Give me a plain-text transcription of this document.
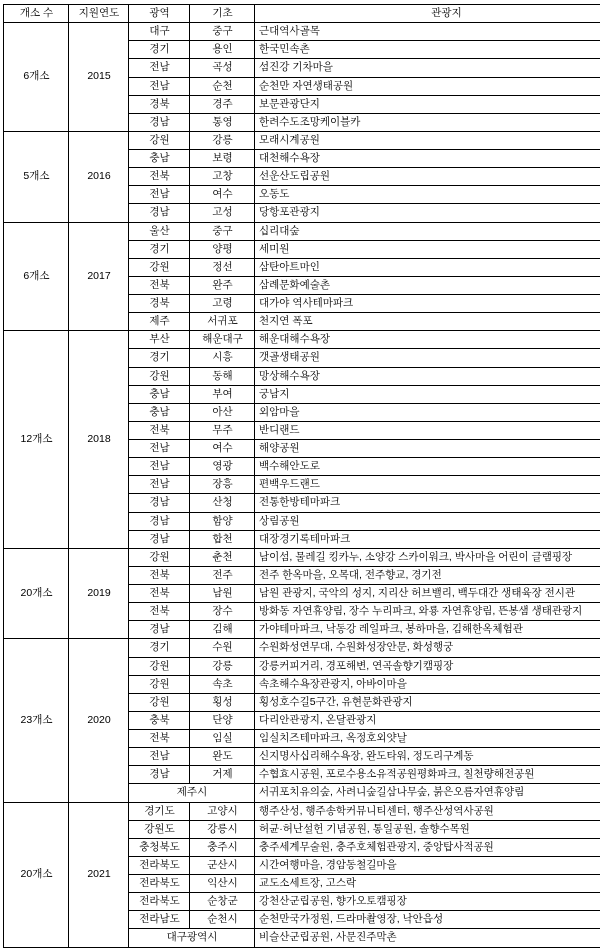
개소 수	지원연도	광역	기초	관광지
6개소	2015	대구	중구	근대역사골목
		경기	용인	한국민속촌
		전남	곡성	섬진강 기차마을
		전남	순천	순천만 자연생태공원
		경북	경주	보문관광단지
		경남	통영	한려수도조망케이블카
5개소	2016	강원	강릉	모래시계공원
		충남	보령	대천해수욕장
		전북	고창	선운산도립공원
		전남	여수	오동도
		경남	고성	당항포관광지
6개소	2017	울산	중구	십리대숲
		경기	양평	세미원
		강원	정선	삼탄아트마인
		전북	완주	삼례문화예술촌
		경북	고령	대가야 역사테마파크
		제주	서귀포	천지연 폭포
12개소	2018	부산	해운대구	해운대해수욕장
		경기	시흥	갯골생태공원
		강원	동해	망상해수욕장
		충남	부여	궁남지
		충남	아산	외암마을
		전북	무주	반디랜드
		전남	여수	해양공원
		전남	영광	백수해안도로
		전남	장흥	편백우드랜드
		경남	산청	전통한방테마파크
		경남	함양	상림공원
		경남	합천	대장경기록테마파크
20개소	2019	강원	춘천	남이섬, 물레길 킹카누, 소양강 스카이워크, 박사마을 어린이 글램핑장
		전북	전주	전주 한옥마을, 오목대, 전주향교, 경기전
		전북	남원	남원 관광지, 국악의 성지, 지리산 허브밸리, 백두대간 생태육장 전시관
		전북	장수	방화동 자연휴양림, 장수 누리파크, 와룡 자연휴양림, 뜬봉샘 생태관광지
		경남	김해	가야테마파크, 낙동강 레일파크, 봉하마을, 김해한옥체험관
23개소	2020	경기	수원	수원화성연무대, 수원화성장안문, 화성행궁
		강원	강릉	강릉커피거리, 경포해변, 연곡솔향기캠핑장
		강원	속초	속초해수욕장관광지, 아바이마을
		강원	횡성	횡성호수길5구간, 유현문화관광지
		충북	단양	다리안관광지, 온달관광지
		전북	임실	임실치즈테마파크, 옥정호외얏날
		전남	완도	신지명사십리해수욕장, 완도타워, 정도리구계동
		경남	거제	수협효시공원, 포로수용소유적공원평화파크, 칠천량해전공원
		제주시		서귀포치유의숲, 사려니숲길삼나무숲, 붉은오름자연휴양림
20개소	2021	경기도	고양시	행주산성, 행주송학커뮤니티센터, 행주산성역사공원
		강원도	강릉시	허균·허난설헌 기념공원, 통일공원, 솔향수목원
		충청북도	충주시	충주세계무술원, 충주호체험관광지, 중앙탑사적공원
		전라북도	군산시	시간여행마을, 경암동철길마을
		전라북도	익산시	교도소세트장, 고스락
		전라북도	순창군	강천산군립공원, 향가오토캠핑장
		전라남도	순천시	순천만국가정원, 드라마촬영장, 낙안읍성
		대구광역시		비슬산군립공원, 사문진주막촌
